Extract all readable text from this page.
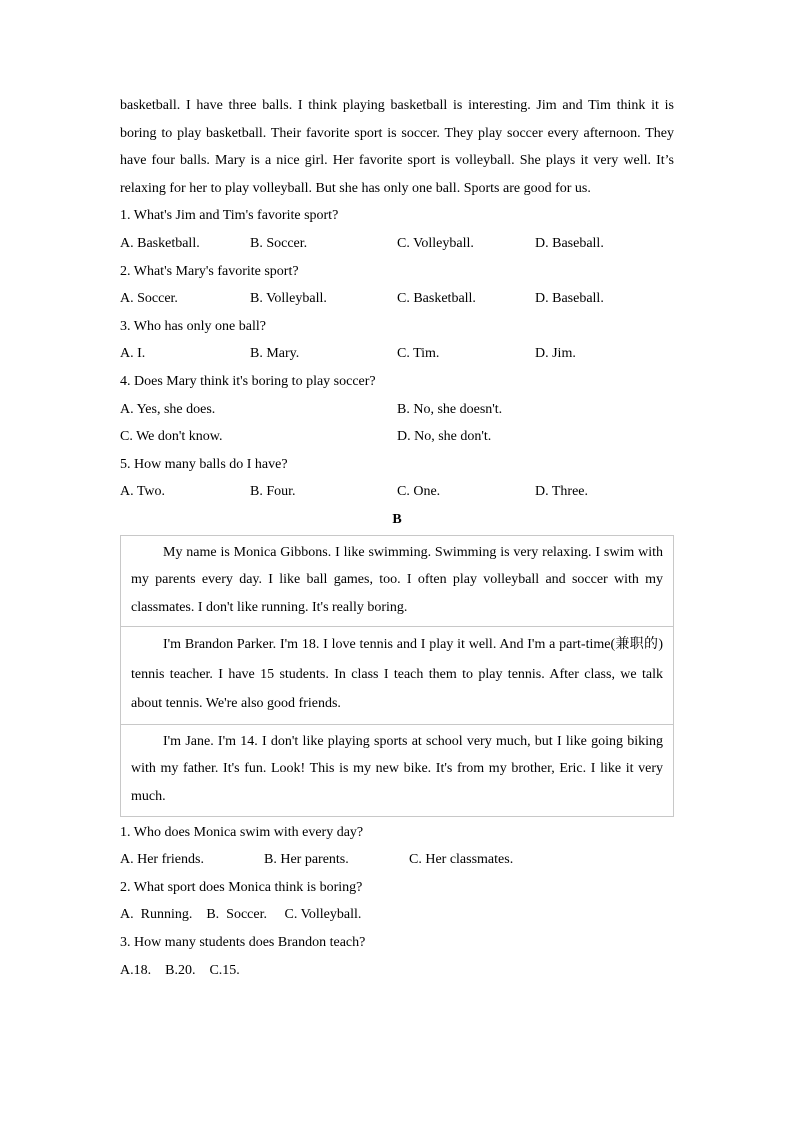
basketball. I have three balls. I think playing basketball is interesting. Jim and Tim think it is boring to play basketball. Their favorite sport is soccer. They play soccer every afternoon. They have four balls. Mary is a nice girl. Her favorite sport is volleyball. She plays it very well. It’s relaxing for her to play volleyball. But she has only one ball. Sports are good for us.

1. What's Jim and Tim's favorite sport?
A. Basketball.	B. Soccer.	C. Volleyball.	D. Baseball.
2. What's Mary's favorite sport?
A. Soccer.	B. Volleyball.	C. Basketball.	D. Baseball.
3. Who has only one ball?
A. I.	B. Mary.	C. Tim.	D. Jim.
4. Does Mary think it's boring to play soccer?
A. Yes, she does.	B. No, she doesn't.
C. We don't know.	D. No, she don't.
5. How many balls do I have?
A. Two.	B. Four.	C. One.	D. Three.
B
My name is Monica Gibbons. I like swimming. Swimming is very relaxing. I swim with my parents every day. I like ball games, too. I often play volleyball and soccer with my classmates. I don't like running. It's really boring.
I'm Brandon Parker. I'm 18. I love tennis and I play it well. And I'm a part-time(兼职的) tennis teacher. I have 15 students. In class I teach them to play tennis. After class, we talk about tennis. We're also good friends.
I'm Jane. I'm 14. I don't like playing sports at school very much, but I like going biking with my father. It's fun. Look! This is my new bike. It's from my brother, Eric. I like it very much.
1. Who does Monica swim with every day?
A. Her friends.	B. Her parents.	C. Her classmates.
2. What sport does Monica think is boring?
A.  Running.    B.  Soccer.     C. Volleyball.
3. How many students does Brandon teach?
A.18.    B.20.    C.15.
